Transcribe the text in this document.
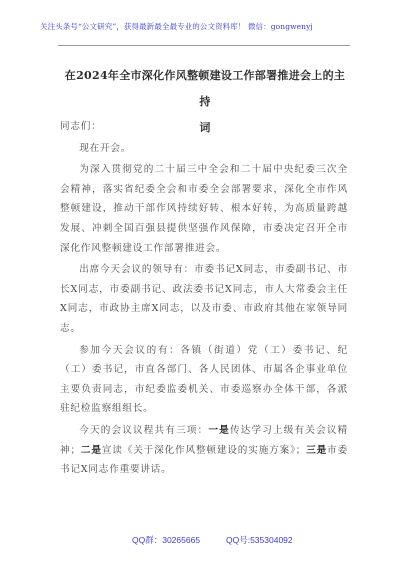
关注头条号“公文研究”，获得最新最全最专业的公文资料库！ 微信：gongwenyj
在2024年全市深化作风整顿建设工作部署推进会上的主持
词

同志们：

现在开会。

为深入贯彻党的二十届三中全会和二十届中央纪委三次全会精神，落实省纪委全会和市委全会部署要求，深化全市作风整顿建设，推动干部作风持续好转、根本好转，为高质量跨越发展、冲刺全国百强县提供坚强作风保障，市委决定召开全市深化作风整顿建设工作部署推进会。

出席今天会议的领导有：市委书记X同志，市委副书记、市长X同志，市委副书记、政法委书记X同志，市人大常委会主任X同志，市政协主席X同志，以及市委、市政府其他在家领导同志。

参加今天会议的有：各镇（街道）党（工）委书记、纪（工）委书记，市直各部门、各人民团体、市属各企事业单位主要负责同志，市纪委监委机关、市委巡察办全体干部，各派驻纪检监察组组长。

今天的会议议程共有三项：一是传达学习上级有关会议精神；二是宣读《关于深化作风整顿建设的实施方案》；三是市委书记X同志作重要讲话。

QQ群：30265665	QQ号:535304092
